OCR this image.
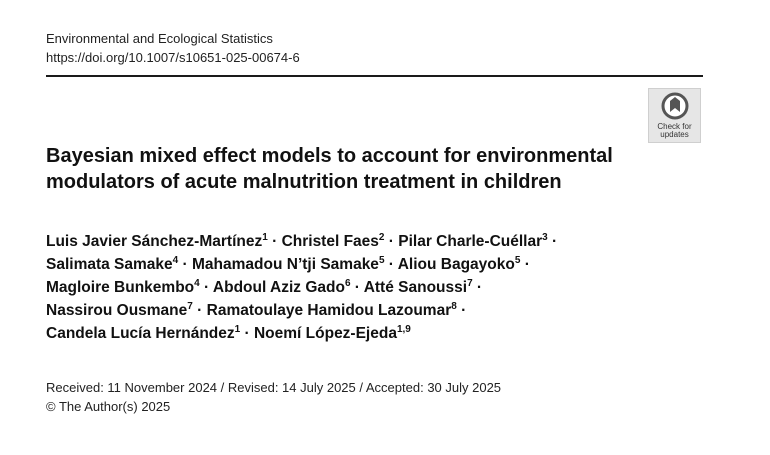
Environmental and Ecological Statistics
https://doi.org/10.1007/s10651-025-00674-6
Check for
updates
Bayesian mixed effect models to account for environmental
modulators of acute malnutrition treatment in children
Luis Javier Sánchez-Martínez$^1$ · Christel Faes$^2$ · Pilar Charle-Cuéllar$^3$ ·
Salimata Samake$^4$ · Mahamadou N’tji Samake$^5$ · Aliou Bagayoko$^5$ ·
Magloire Bunkembo$^4$ · Abdoul Aziz Gado$^6$ · Atté Sanoussi$^7$ ·
Nassirou Ousmane$^7$ · Ramatoulaye Hamidou Lazoumar$^8$ ·
Candela Lucía Hernández$^1$ · Noemí López-Ejeda$^{1,9}$
Received: 11 November 2024 / Revised: 14 July 2025 / Accepted: 30 July 2025
© The Author(s) 2025
